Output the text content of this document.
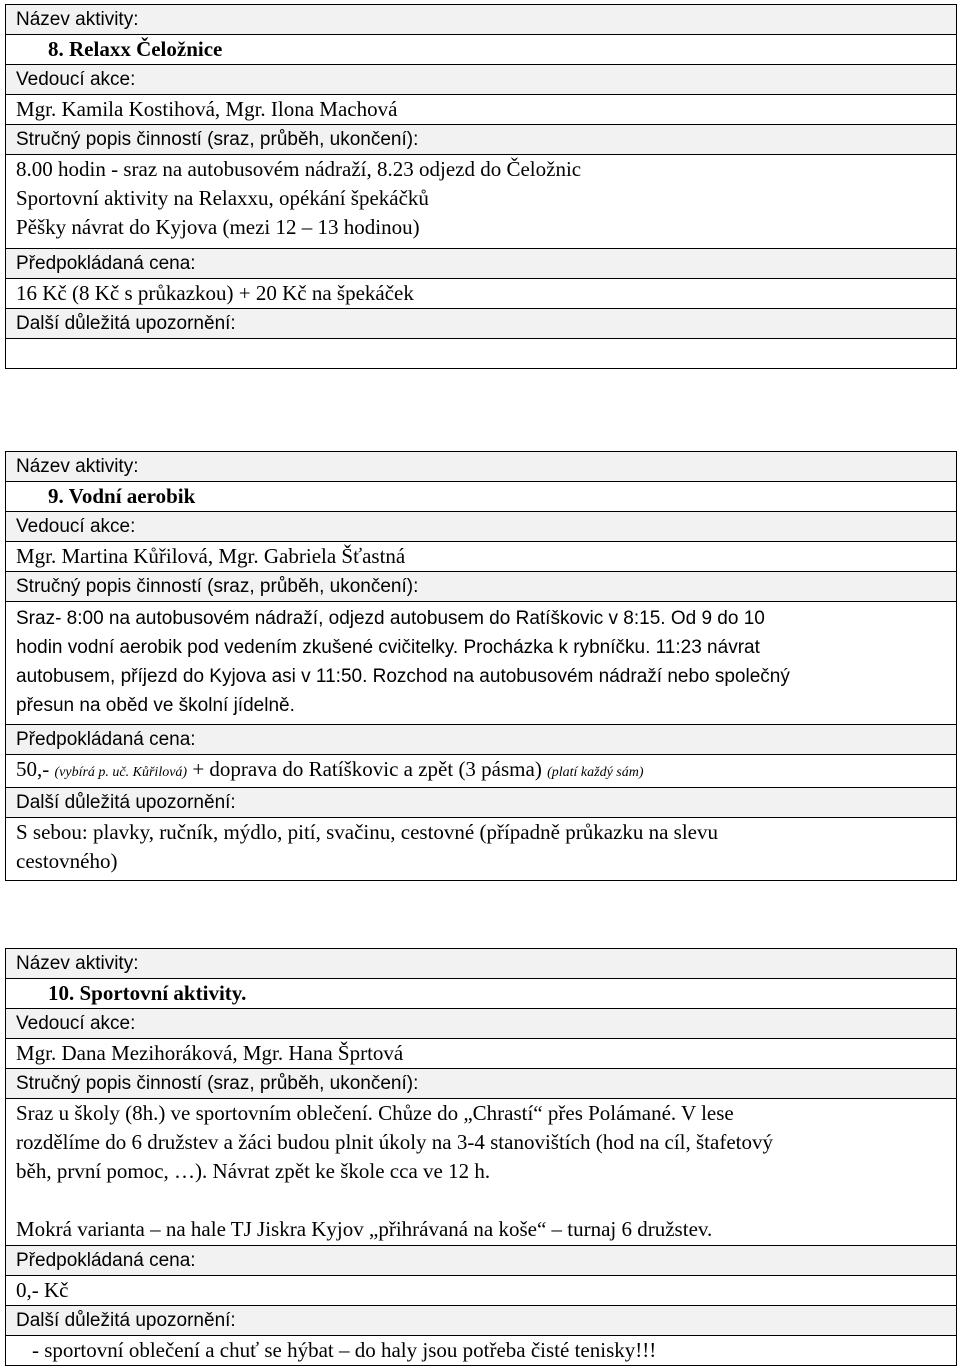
Název aktivity:
8. Relaxx Čeložnice
Vedoucí akce:
Mgr. Kamila Kostihová, Mgr. Ilona Machová
Stručný popis činností (sraz, průběh, ukončení):
8.00 hodin - sraz na autobusovém nádraží, 8.23 odjezd do Čeložnic
Sportovní aktivity na Relaxxu, opékání špekáčků
Pěšky návrat do Kyjova (mezi 12 – 13 hodinou)
Předpokládaná cena:
16 Kč (8 Kč s průkazkou) + 20 Kč na špekáček
Další důležitá upozornění:
Název aktivity:
9. Vodní aerobik
Vedoucí akce:
Mgr. Martina Kůřilová, Mgr. Gabriela Šťastná
Stručný popis činností (sraz, průběh, ukončení):
Sraz- 8:00 na autobusovém nádraží, odjezd autobusem do Ratíškovic v 8:15. Od 9 do 10
hodin vodní aerobik pod vedením zkušené cvičitelky. Procházka k rybníčku. 11:23 návrat
autobusem, příjezd do Kyjova asi v 11:50. Rozchod na autobusovém nádraží nebo společný
přesun na oběd ve školní jídelně.
Předpokládaná cena:
50,- (vybírá p. uč. Kůřilová) + doprava do Ratíškovic a zpět (3 pásma) (platí každý sám)
Další důležitá upozornění:
S sebou: plavky, ručník, mýdlo, pití, svačinu, cestovné (případně průkazku na slevu
cestovného)
Název aktivity:
10. Sportovní aktivity.
Vedoucí akce:
Mgr. Dana Mezihoráková, Mgr. Hana Šprtová
Stručný popis činností (sraz, průběh, ukončení):
Sraz u školy (8h.) ve sportovním oblečení. Chůze do „Chrastí“ přes Polámané. V lese
rozdělíme do 6 družstev a žáci budou plnit úkoly na 3-4 stanovištích (hod na cíl, štafetový
běh, první pomoc, …). Návrat zpět ke škole cca ve 12 h.
Mokrá varianta – na hale TJ Jiskra Kyjov „přihrávaná na koše“ – turnaj 6 družstev.
Předpokládaná cena:
0,- Kč
Další důležitá upozornění:
- sportovní oblečení a chuť se hýbat – do haly jsou potřeba čisté tenisky!!!
